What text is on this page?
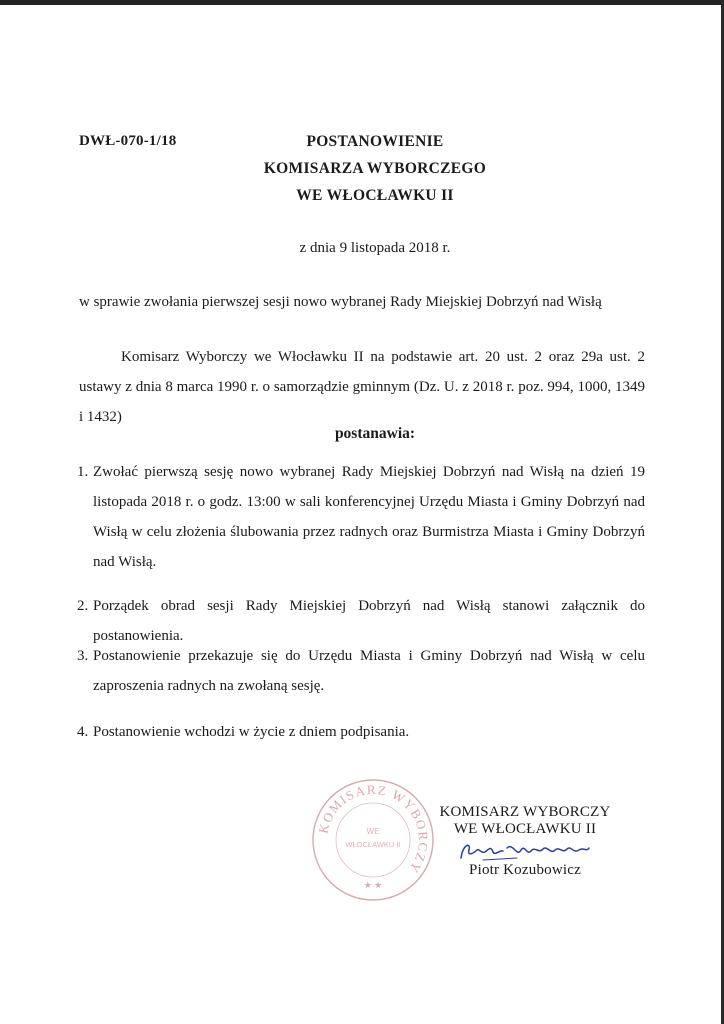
DWŁ-070-1/18	POSTANOWIENIE
KOMISARZA WYBORCZEGO
WE WŁOCŁAWKU II
z dnia 9 listopada 2018 r.
w sprawie zwołania pierwszej sesji nowo wybranej Rady Miejskiej Dobrzyń nad Wisłą
Komisarz Wyborczy we Włocławku II na podstawie art. 20 ust. 2 oraz 29a ust. 2 ustawy z dnia 8 marca 1990 r. o samorządzie gminnym (Dz. U. z 2018 r. poz. 994, 1000, 1349 i 1432)
postanawia:
1. Zwołać pierwszą sesję nowo wybranej Rady Miejskiej Dobrzyń nad Wisłą na dzień 19 listopada 2018 r. o godz. 13:00 w sali konferencyjnej Urzędu Miasta i Gminy Dobrzyń nad Wisłą w celu złożenia ślubowania przez radnych oraz Burmistrza Miasta i Gminy Dobrzyń nad Wisłą.
2. Porządek obrad sesji Rady Miejskiej Dobrzyń nad Wisłą stanowi załącznik do postanowienia.
3. Postanowienie przekazuje się do Urzędu Miasta i Gminy Dobrzyń nad Wisłą w celu zaproszenia radnych na zwołaną sesję.
4. Postanowienie wchodzi w życie z dniem podpisania.
KOMISARZ WYBORCZY
WE
WŁOCŁAWKU II
★ ★
KOMISARZ WYBORCZY
WE WŁOCŁAWKU II
Piotr Kozubowicz
